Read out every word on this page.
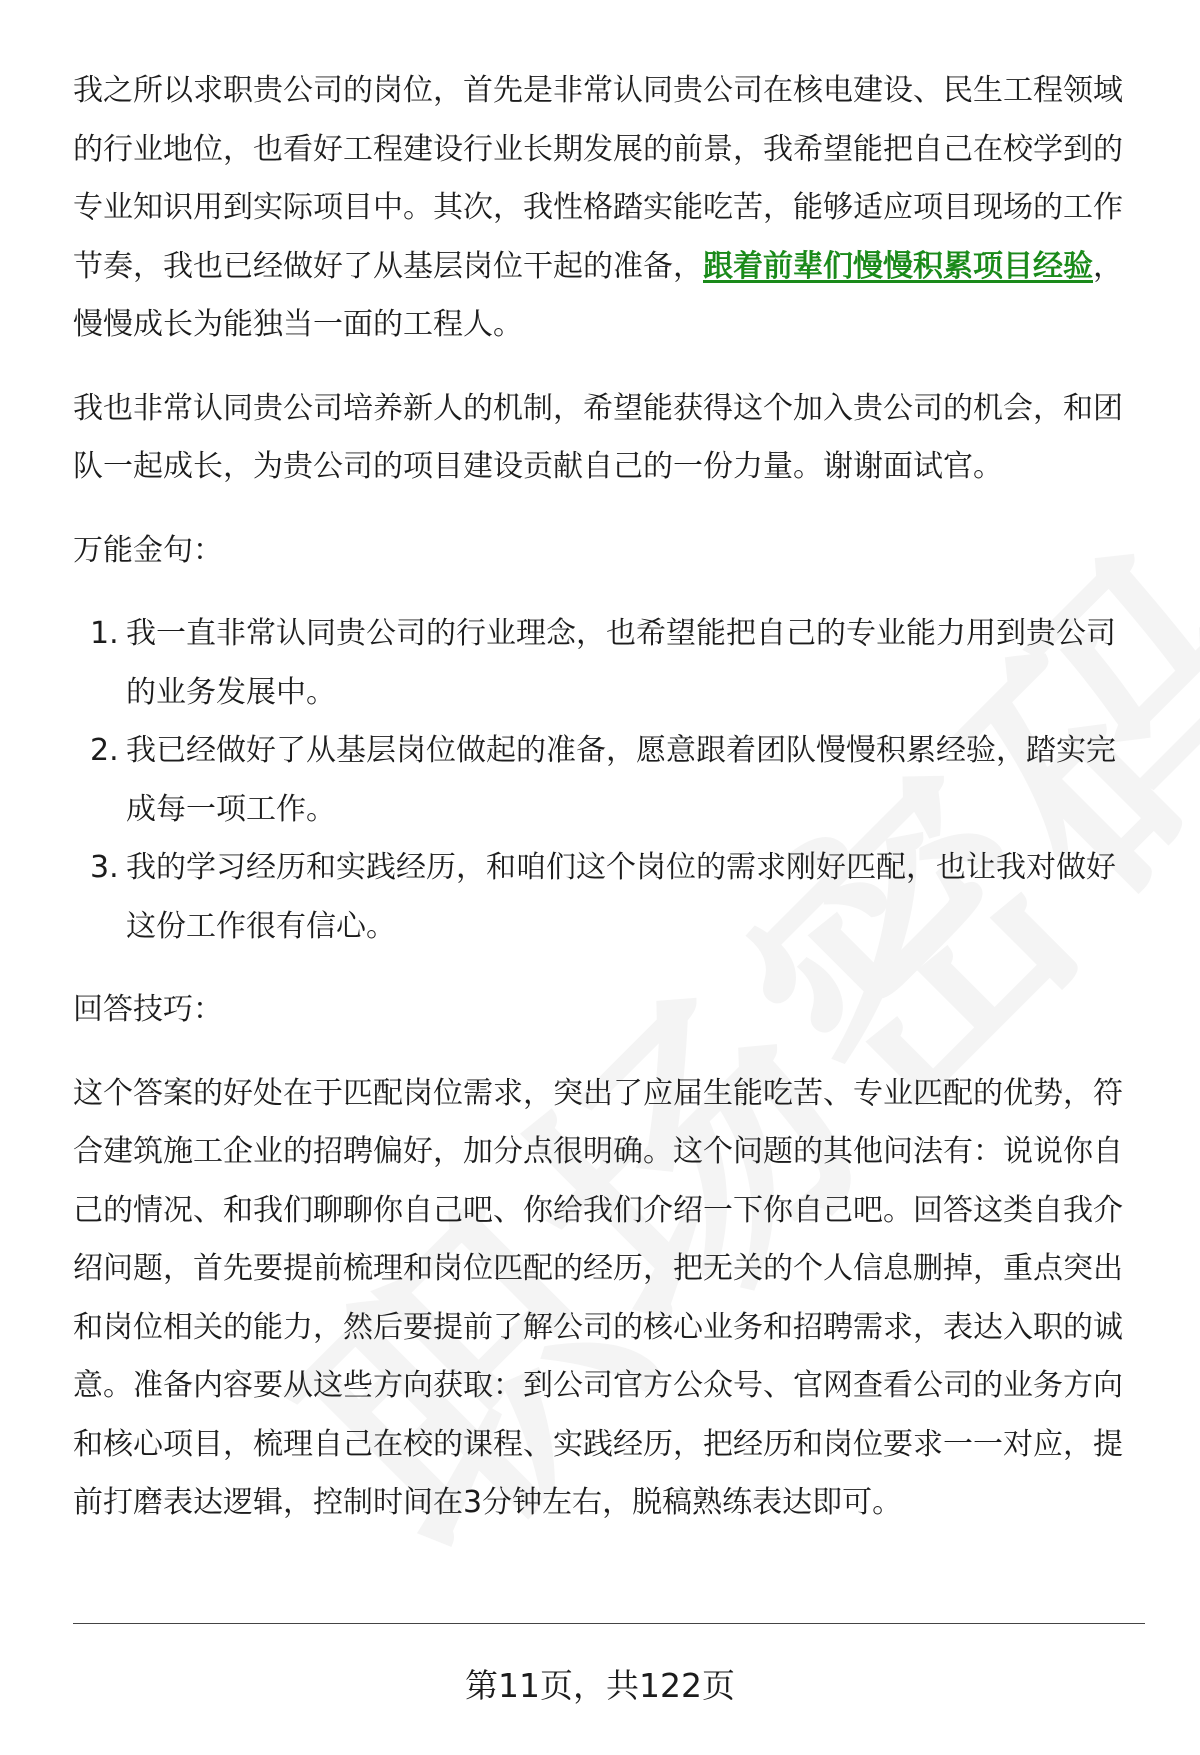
我之所以求职贵公司的岗位，首先是非常认同贵公司在核电建设、民生工程领域的行业地位，也看好工程建设行业长期发展的前景，我希望能把自己在校学到的专业知识用到实际项目中。其次，我性格踏实能吃苦，能够适应项目现场的工作节奏，我也已经做好了从基层岗位干起的准备，跟着前辈们慢慢积累项目经验，慢慢成长为能独当一面的工程人。

我也非常认同贵公司培养新人的机制，希望能获得这个加入贵公司的机会，和团队一起成长，为贵公司的项目建设贡献自己的一份力量。谢谢面试官。

万能金句：

1. 我一直非常认同贵公司的行业理念，也希望能把自己的专业能力用到贵公司的业务发展中。
2. 我已经做好了从基层岗位做起的准备，愿意跟着团队慢慢积累经验，踏实完成每一项工作。
3. 我的学习经历和实践经历，和咱们这个岗位的需求刚好匹配，也让我对做好这份工作很有信心。

回答技巧：

这个答案的好处在于匹配岗位需求，突出了应届生能吃苦、专业匹配的优势，符合建筑施工企业的招聘偏好，加分点很明确。这个问题的其他问法有：说说你自己的情况、和我们聊聊你自己吧、你给我们介绍一下你自己吧。回答这类自我介绍问题，首先要提前梳理和岗位匹配的经历，把无关的个人信息删掉，重点突出和岗位相关的能力，然后要提前了解公司的核心业务和招聘需求，表达入职的诚意。准备内容要从这些方向获取：到公司官方公众号、官网查看公司的业务方向和核心项目，梳理自己在校的课程、实践经历，把经历和岗位要求一一对应，提前打磨表达逻辑，控制时间在3分钟左右，脱稿熟练表达即可。

第11页，共122页
